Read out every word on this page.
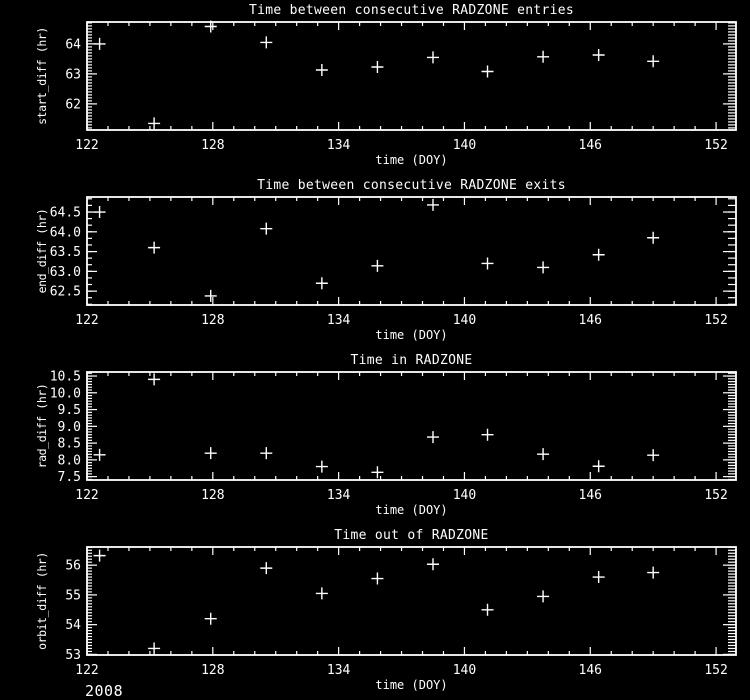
Time between consecutive RADZONE entries
122	128	134	140	146	152
time (DOY)
62
63
64
start_diff (hr)
Time between consecutive RADZONE exits
122	128	134	140	146	152
time (DOY)
62.5
63.0
63.5
64.0
64.5
end_diff (hr)
Time in RADZONE
122	128	134	140	146	152
time (DOY)
7.5
8.0
8.5
9.0
9.5
10.0
10.5
rad_diff (hr)
Time out of RADZONE
122	128	134	140	146	152
time (DOY)
53
54
55
56
orbit_diff (hr)
2008
